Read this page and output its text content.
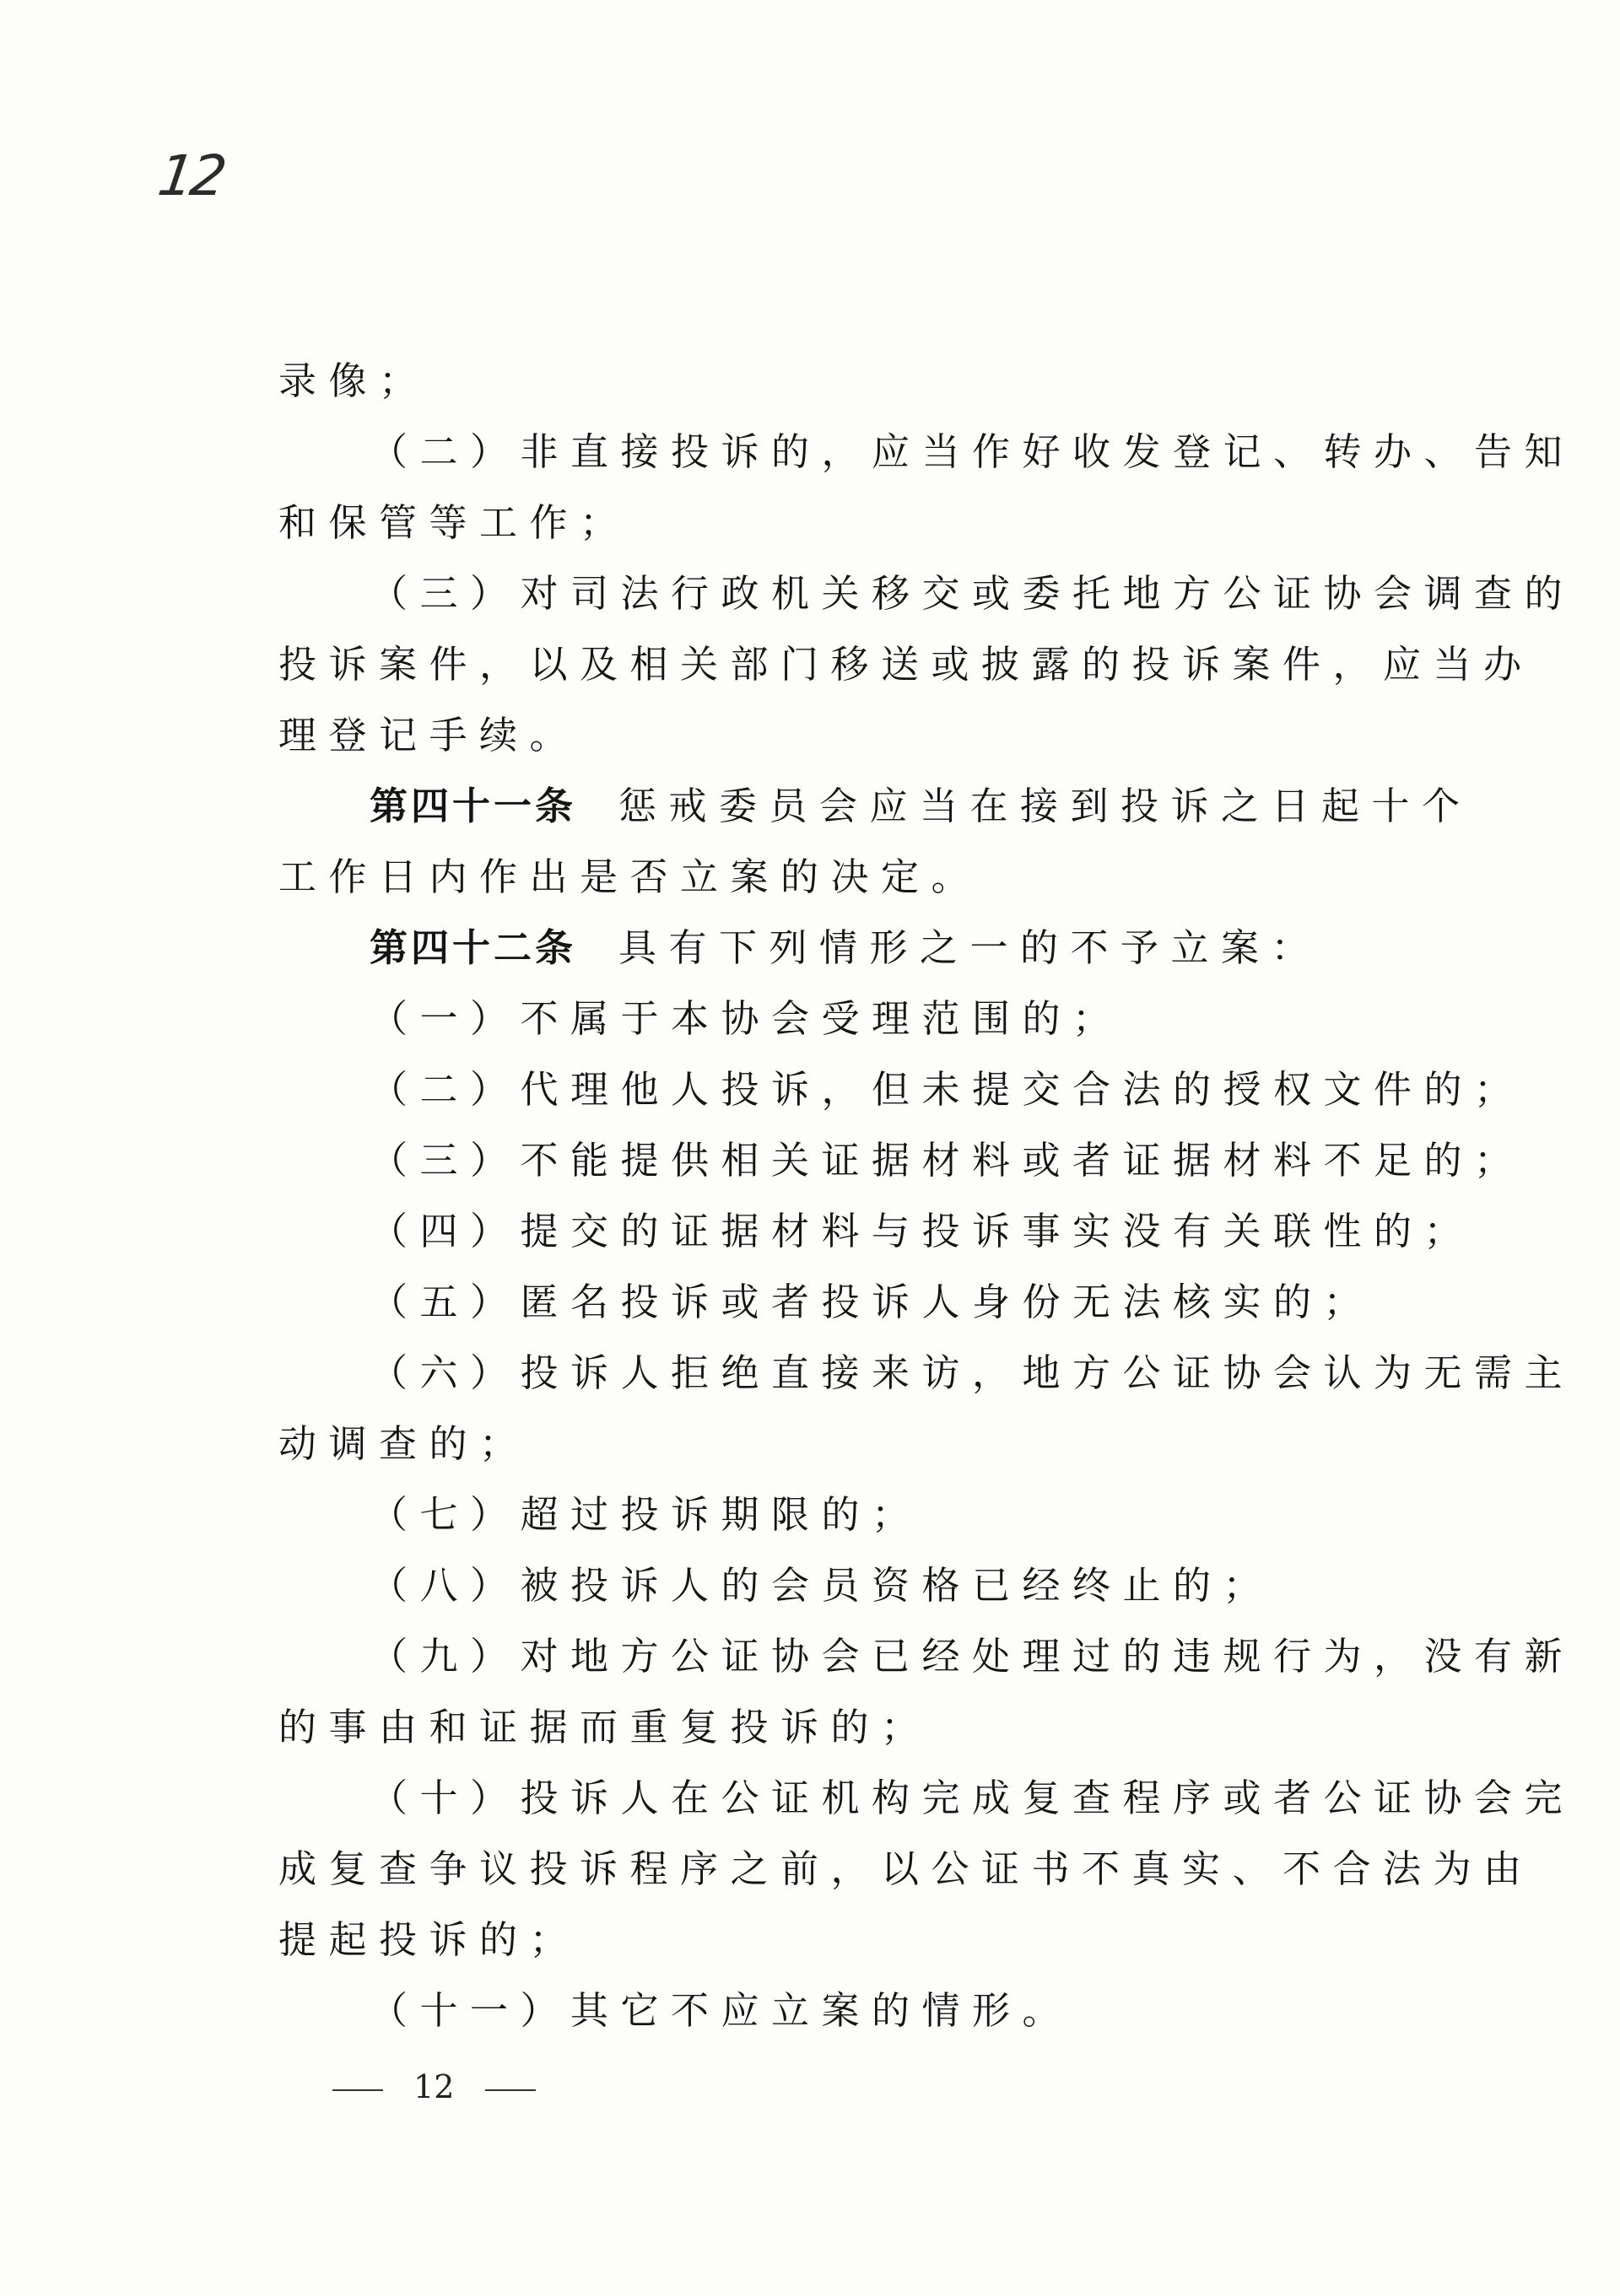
12
录像；
（二）非直接投诉的，应当作好收发登记、转办、告知
和保管等工作；
（三）对司法行政机关移交或委托地方公证协会调查的
投诉案件，以及相关部门移送或披露的投诉案件，应当办
理登记手续。
第四十一条 惩戒委员会应当在接到投诉之日起十个
工作日内作出是否立案的决定。
第四十二条 具有下列情形之一的不予立案：
（一）不属于本协会受理范围的；
（二）代理他人投诉，但未提交合法的授权文件的；
（三）不能提供相关证据材料或者证据材料不足的；
（四）提交的证据材料与投诉事实没有关联性的；
（五）匿名投诉或者投诉人身份无法核实的；
（六）投诉人拒绝直接来访，地方公证协会认为无需主
动调查的；
（七）超过投诉期限的；
（八）被投诉人的会员资格已经终止的；
（九）对地方公证协会已经处理过的违规行为，没有新
的事由和证据而重复投诉的；
（十）投诉人在公证机构完成复查程序或者公证协会完
成复查争议投诉程序之前，以公证书不真实、不合法为由
提起投诉的；
（十一）其它不应立案的情形。
12
